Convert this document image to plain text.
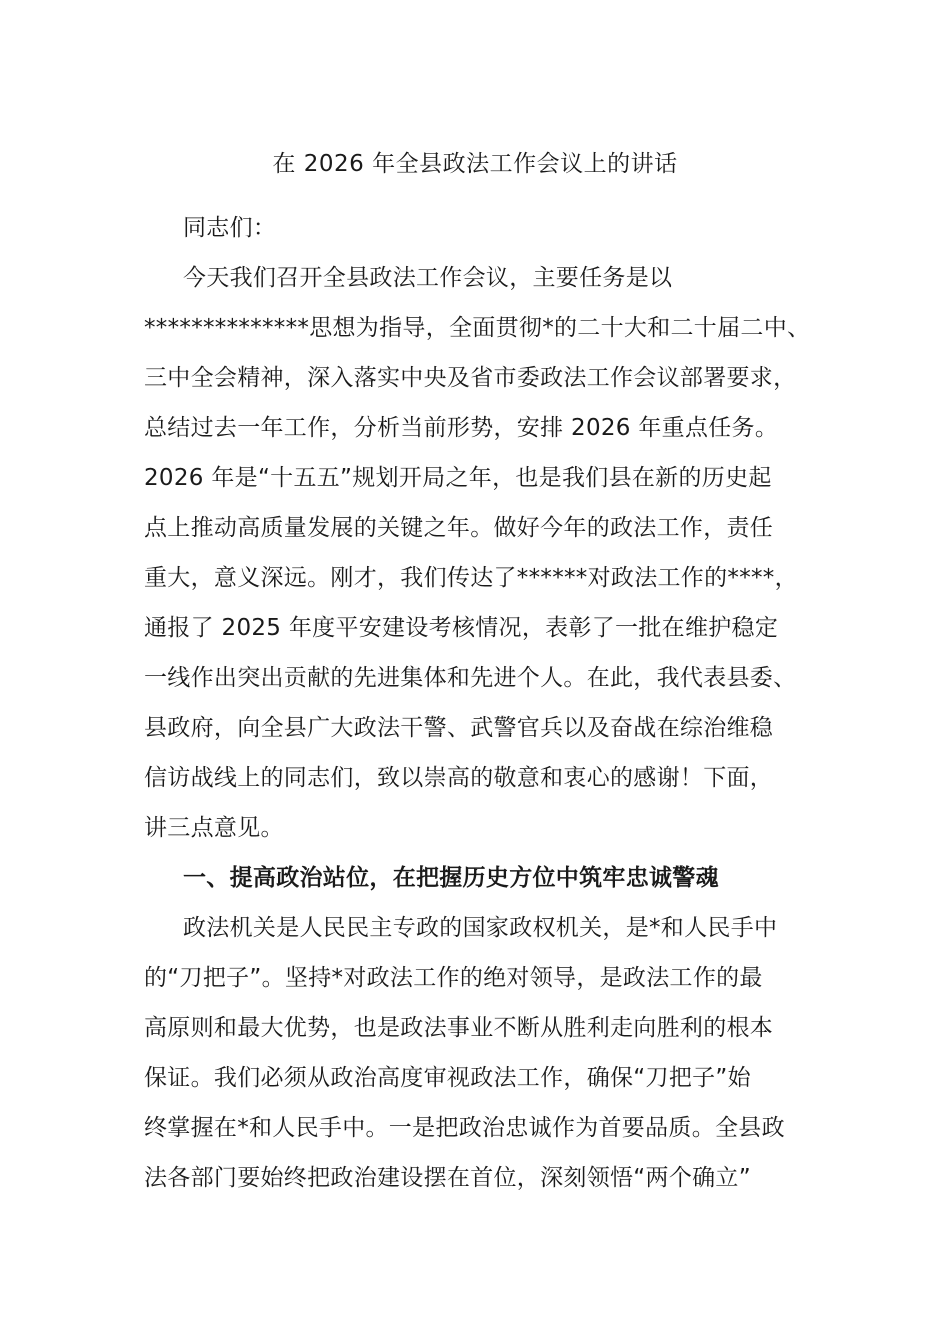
在 2026 年全县政法工作会议上的讲话
同志们：
今天我们召开全县政法工作会议，主要任务是以
**************思想为指导，全面贯彻*的二十大和二十届二中、
三中全会精神，深入落实中央及省市委政法工作会议部署要求，
总结过去一年工作，分析当前形势，安排 2026 年重点任务。
2026 年是“十五五”规划开局之年，也是我们县在新的历史起
点上推动高质量发展的关键之年。做好今年的政法工作，责任
重大，意义深远。刚才，我们传达了******对政法工作的****，
通报了 2025 年度平安建设考核情况，表彰了一批在维护稳定
一线作出突出贡献的先进集体和先进个人。在此，我代表县委、
县政府，向全县广大政法干警、武警官兵以及奋战在综治维稳
信访战线上的同志们，致以崇高的敬意和衷心的感谢！下面，
讲三点意见。
一、提高政治站位，在把握历史方位中筑牢忠诚警魂
政法机关是人民民主专政的国家政权机关，是*和人民手中
的“刀把子”。坚持*对政法工作的绝对领导，是政法工作的最
高原则和最大优势，也是政法事业不断从胜利走向胜利的根本
保证。我们必须从政治高度审视政法工作，确保“刀把子”始
终掌握在*和人民手中。一是把政治忠诚作为首要品质。全县政
法各部门要始终把政治建设摆在首位，深刻领悟“两个确立”
